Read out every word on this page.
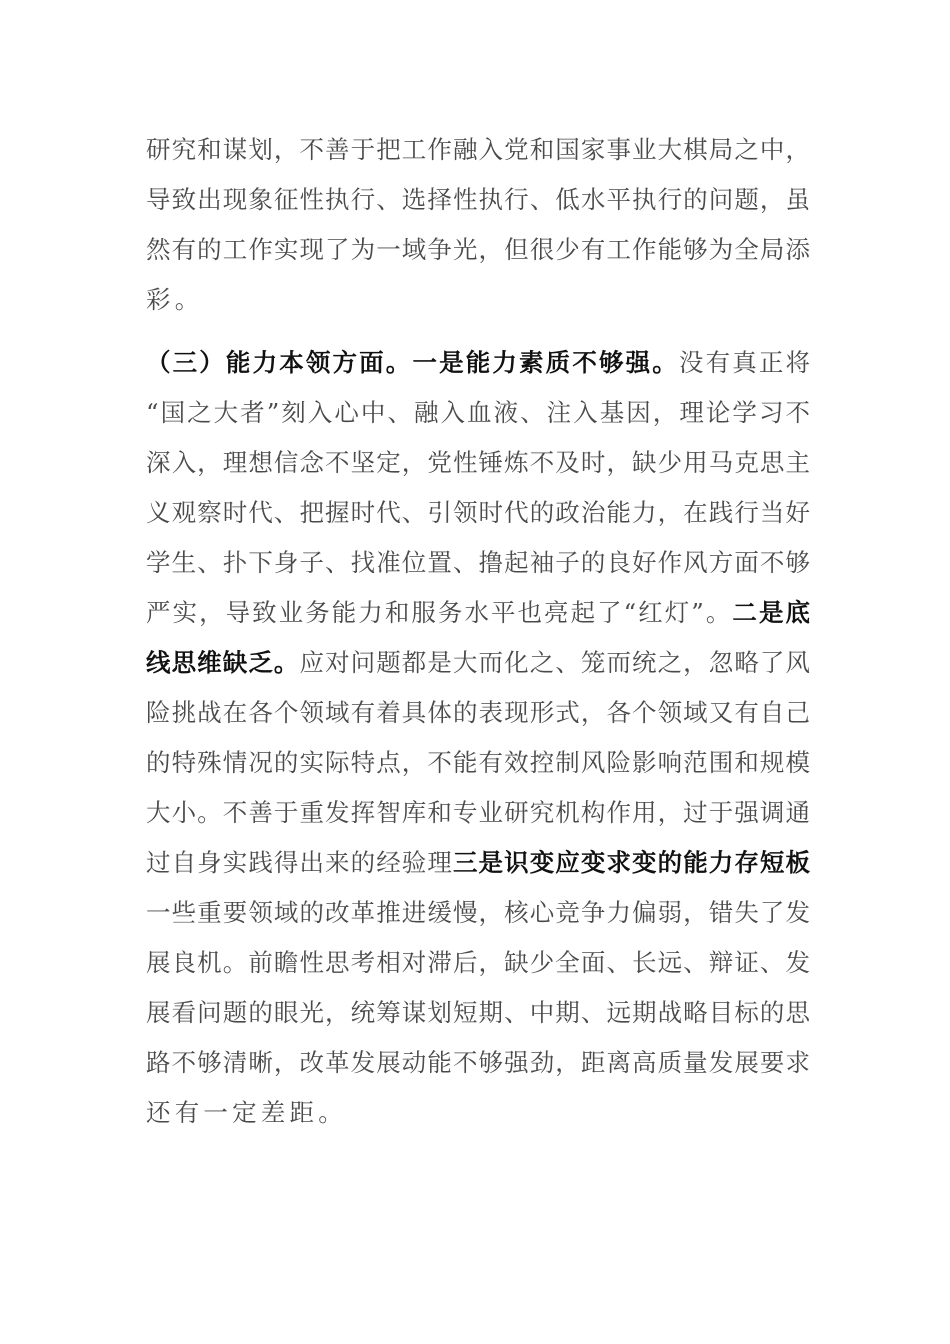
研究和谋划，不善于把工作融入党和国家事业大棋局之中，
导致出现象征性执行、选择性执行、低水平执行的问题，虽
然有的工作实现了为一域争光，但很少有工作能够为全局添
彩。
（三）能力本领方面。一是能力素质不够强。没有真正将
“国之大者”刻入心中、融入血液、注入基因，理论学习不
深入，理想信念不坚定，党性锤炼不及时，缺少用马克思主
义观察时代、把握时代、引领时代的政治能力，在践行当好
学生、扑下身子、找准位置、撸起袖子的良好作风方面不够
严实，导致业务能力和服务水平也亮起了“红灯”。二是底
线思维缺乏。应对问题都是大而化之、笼而统之，忽略了风
险挑战在各个领域有着具体的表现形式，各个领域又有自己
的特殊情况的实际特点，不能有效控制风险影响范围和规模
大小。不善于重发挥智库和专业研究机构作用，过于强调通
过自身实践得出来的经验理三是识变应变求变的能力存短板
一些重要领域的改革推进缓慢，核心竞争力偏弱，错失了发
展良机。前瞻性思考相对滞后，缺少全面、长远、辩证、发
展看问题的眼光，统筹谋划短期、中期、远期战略目标的思
路不够清晰，改革发展动能不够强劲，距离高质量发展要求
还有一定差距。
